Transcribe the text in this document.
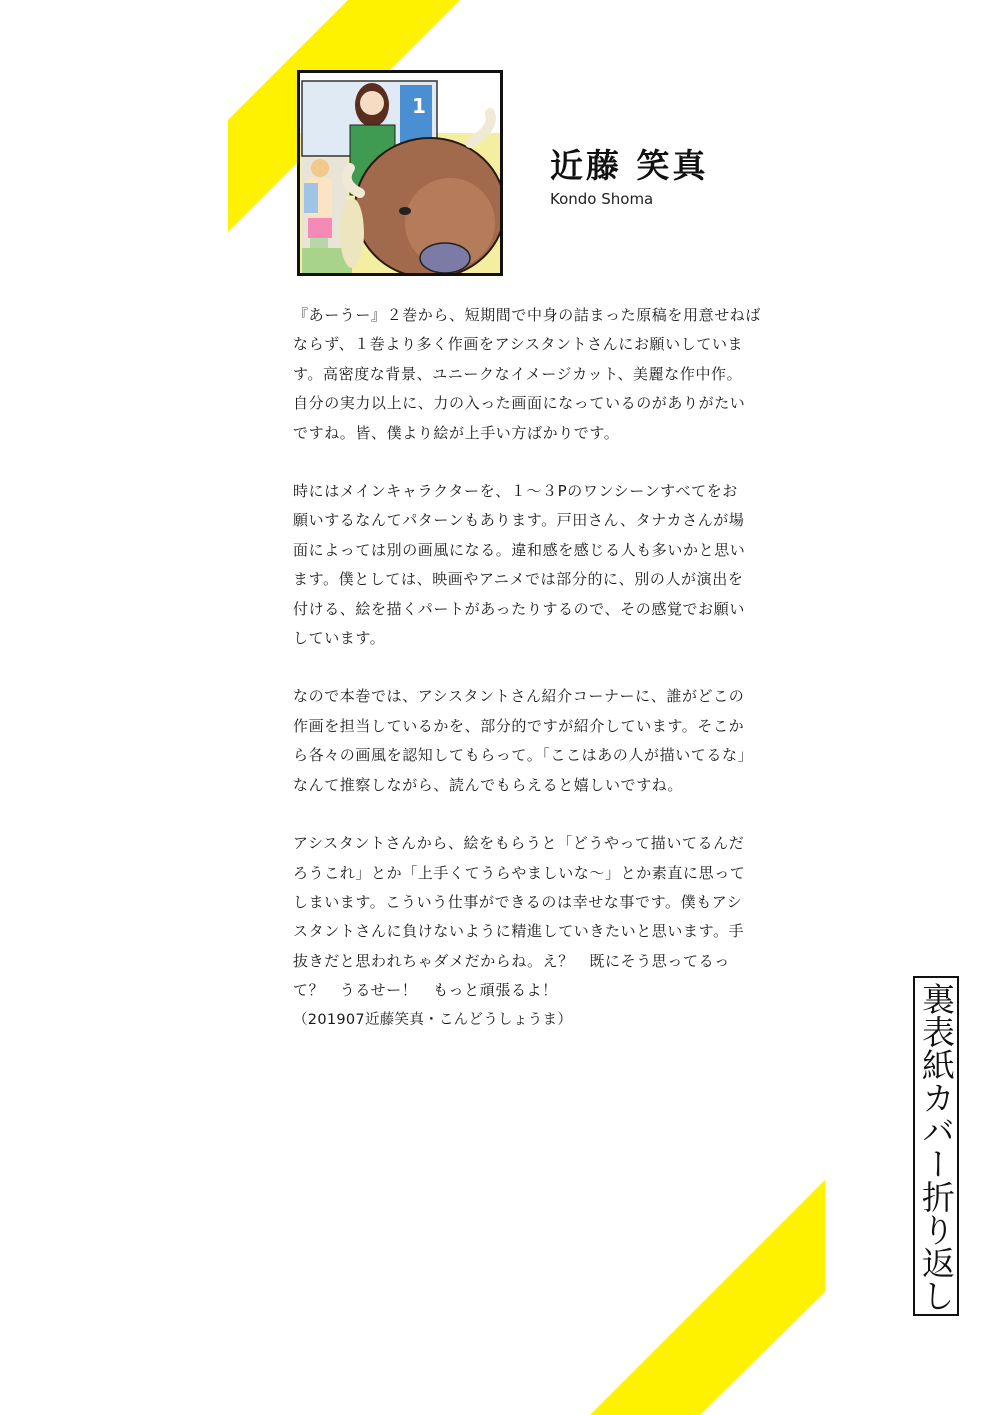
1
近藤 笑真
Kondo Shoma

『あーうー』２巻から、短期間で中身の詰まった原稿を用意せねば
ならず、１巻より多く作画をアシスタントさんにお願いしていま
す。高密度な背景、ユニークなイメージカット、美麗な作中作。
自分の実力以上に、力の入った画面になっているのがありがたい
ですね。皆、僕より絵が上手い方ばかりです。

時にはメインキャラクターを、１〜３Pのワンシーンすべてをお
願いするなんてパターンもあります。戸田さん、タナカさんが場
面によっては別の画風になる。違和感を感じる人も多いかと思い
ます。僕としては、映画やアニメでは部分的に、別の人が演出を
付ける、絵を描くパートがあったりするので、その感覚でお願い
しています。

なので本巻では、アシスタントさん紹介コーナーに、誰がどこの
作画を担当しているかを、部分的ですが紹介しています。そこか
ら各々の画風を認知してもらって。「ここはあの人が描いてるな」
なんて推察しながら、読んでもらえると嬉しいですね。

アシスタントさんから、絵をもらうと「どうやって描いてるんだ
ろうこれ」とか「上手くてうらやましいな〜」とか素直に思って
しまいます。こういう仕事ができるのは幸せな事です。僕もアシ
スタントさんに負けないように精進していきたいと思います。手
抜きだと思われちゃダメだからね。え？　既にそう思ってるっ
て？　うるせー！　もっと頑張るよ！

（201907近藤笑真・こんどうしょうま）	裏表紙カバー折り返し
